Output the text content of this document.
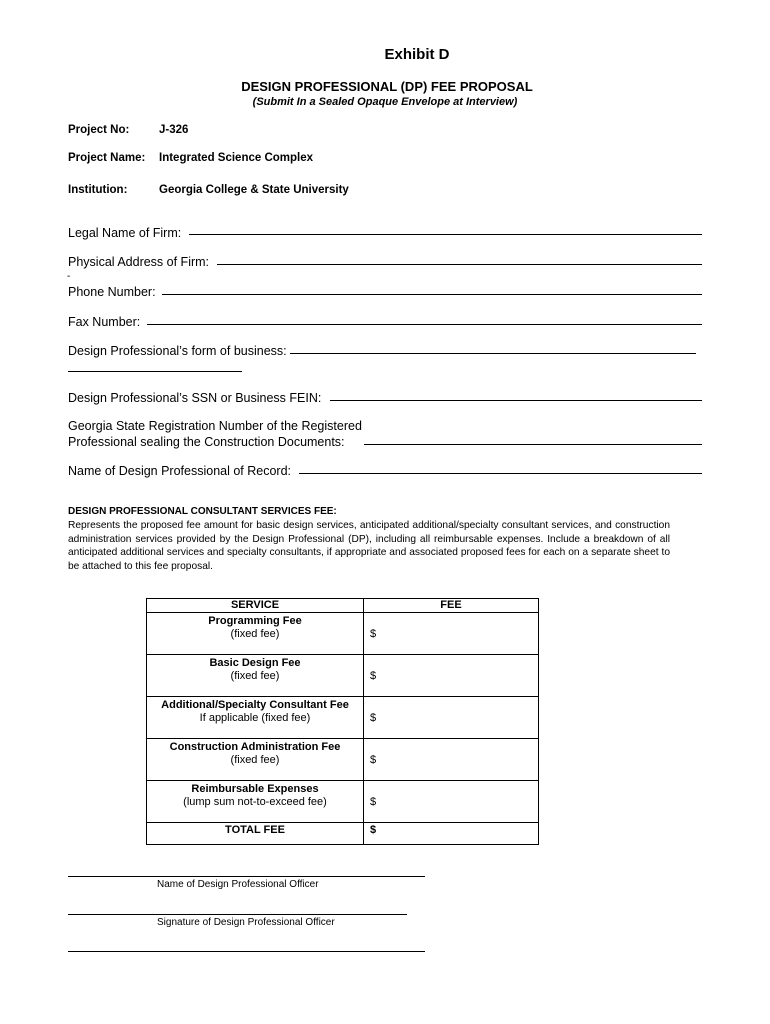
Exhibit D
DESIGN PROFESSIONAL (DP) FEE PROPOSAL
(Submit In a Sealed Opaque Envelope at Interview)
Project No:	J-326
Project Name: Integrated Science Complex
Institution:	Georgia College & State University
Legal Name of Firm:
Physical Address of Firm:
-
Phone Number:
Fax Number:
Design Professional’s form of business:
Design Professional’s SSN or Business FEIN:
Georgia State Registration Number of the Registered
Professional sealing the Construction Documents:
Name of Design Professional of Record:
DESIGN PROFESSIONAL CONSULTANT SERVICES FEE:
Represents the proposed fee amount for basic design services, anticipated additional/specialty consultant services, and construction administration services provided by the Design Professional (DP), including all reimbursable expenses. Include a breakdown of all anticipated additional services and specialty consultants, if appropriate and associated proposed fees for each on a separate sheet to be attached to this fee proposal.
SERVICE	FEE

Programming Fee
(fixed fee)	$

Basic Design Fee
(fixed fee)	$

Additional/Specialty Consultant Fee
If applicable (fixed fee)	$

Construction Administration Fee
(fixed fee)	$

Reimbursable Expenses
(lump sum not-to-exceed fee)	$
TOTAL FEE	$
Name of Design Professional Officer
Signature of Design Professional Officer
